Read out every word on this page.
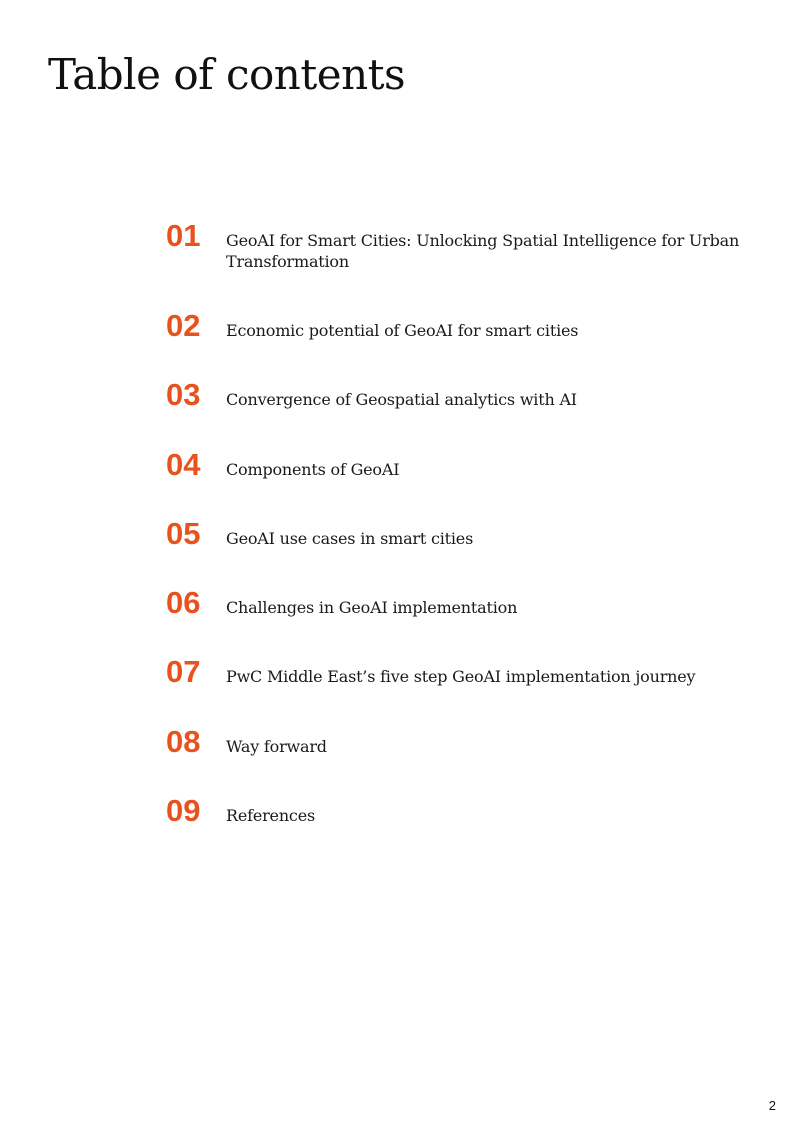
Table of contents
01	GeoAI for Smart Cities: Unlocking Spatial Intelligence for Urban Transformation
02	Economic potential of GeoAI for smart cities
03	Convergence of Geospatial analytics with AI
04	Components of GeoAI
05	GeoAI use cases in smart cities
06	Challenges in GeoAI implementation
07	PwC Middle East’s five step GeoAI implementation journey
08	Way forward
09	References
2
